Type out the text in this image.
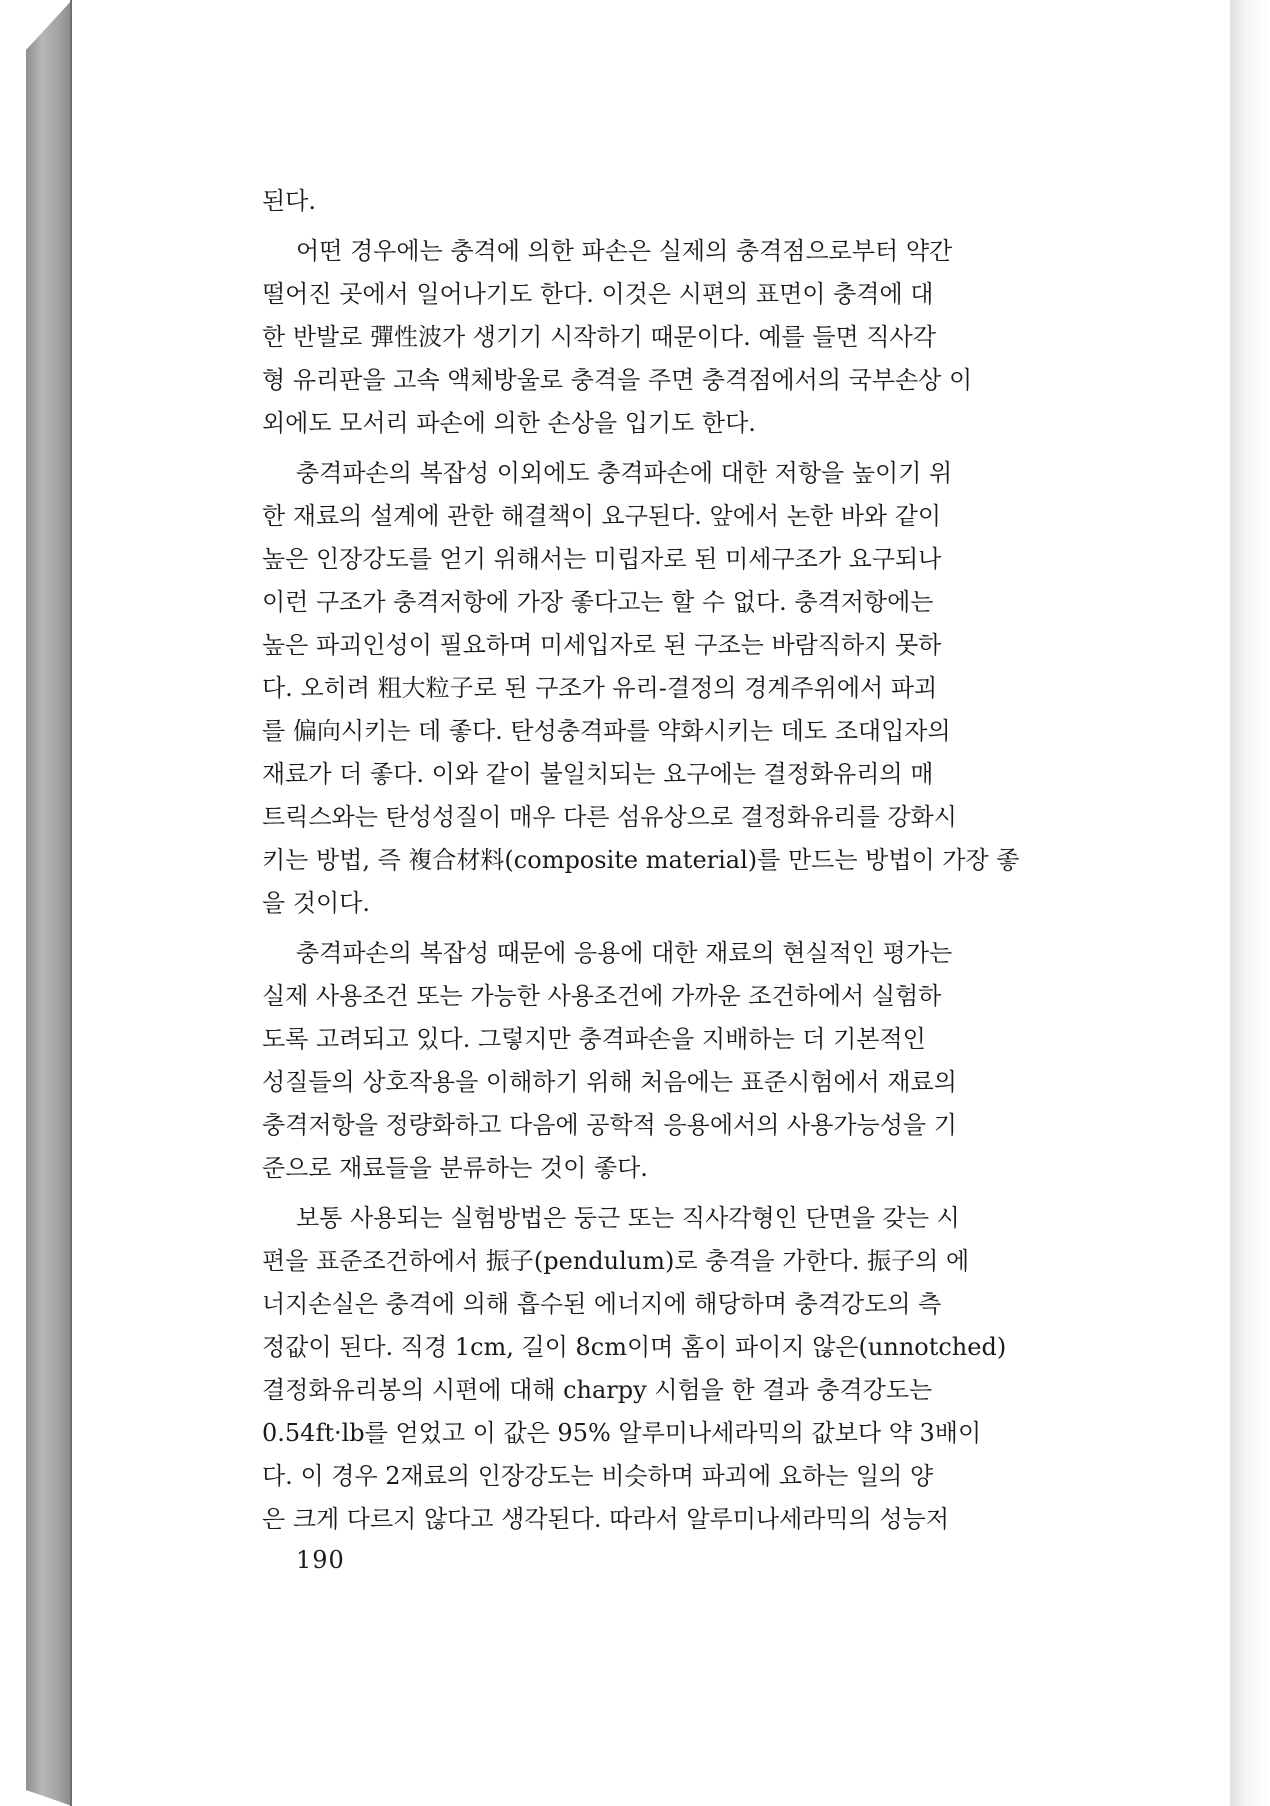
된다.

어떤 경우에는 충격에 의한 파손은 실제의 충격점으로부터 약간
떨어진 곳에서 일어나기도 한다. 이것은 시편의 표면이 충격에 대
한 반발로 彈性波가 생기기 시작하기 때문이다. 예를 들면 직사각
형 유리판을 고속 액체방울로 충격을 주면 충격점에서의 국부손상 이
외에도 모서리 파손에 의한 손상을 입기도 한다.

충격파손의 복잡성 이외에도 충격파손에 대한 저항을 높이기 위
한 재료의 설계에 관한 해결책이 요구된다. 앞에서 논한 바와 같이
높은 인장강도를 얻기 위해서는 미립자로 된 미세구조가 요구되나
이런 구조가 충격저항에 가장 좋다고는 할 수 없다. 충격저항에는
높은 파괴인성이 필요하며 미세입자로 된 구조는 바람직하지 못하
다. 오히려 粗大粒子로 된 구조가 유리-결정의 경계주위에서 파괴
를 偏向시키는 데 좋다. 탄성충격파를 약화시키는 데도 조대입자의
재료가 더 좋다. 이와 같이 불일치되는 요구에는 결정화유리의 매
트릭스와는 탄성성질이 매우 다른 섬유상으로 결정화유리를 강화시
키는 방법, 즉 複合材料(composite material)를 만드는 방법이 가장 좋
을 것이다.

충격파손의 복잡성 때문에 응용에 대한 재료의 현실적인 평가는
실제 사용조건 또는 가능한 사용조건에 가까운 조건하에서 실험하
도록 고려되고 있다. 그렇지만 충격파손을 지배하는 더 기본적인
성질들의 상호작용을 이해하기 위해 처음에는 표준시험에서 재료의
충격저항을 정량화하고 다음에 공학적 응용에서의 사용가능성을 기
준으로 재료들을 분류하는 것이 좋다.

보통 사용되는 실험방법은 둥근 또는 직사각형인 단면을 갖는 시
편을 표준조건하에서 振子(pendulum)로 충격을 가한다. 振子의 에
너지손실은 충격에 의해 흡수된 에너지에 해당하며 충격강도의 측
정값이 된다. 직경 1cm, 길이 8cm이며 홈이 파이지 않은(unnotched)
결정화유리봉의 시편에 대해 charpy 시험을 한 결과 충격강도는
0.54ft·lb를 얻었고 이 값은 95% 알루미나세라믹의 값보다 약 3배이
다. 이 경우 2재료의 인장강도는 비슷하며 파괴에 요하는 일의 양
은 크게 다르지 않다고 생각된다. 따라서 알루미나세라믹의 성능저

190
